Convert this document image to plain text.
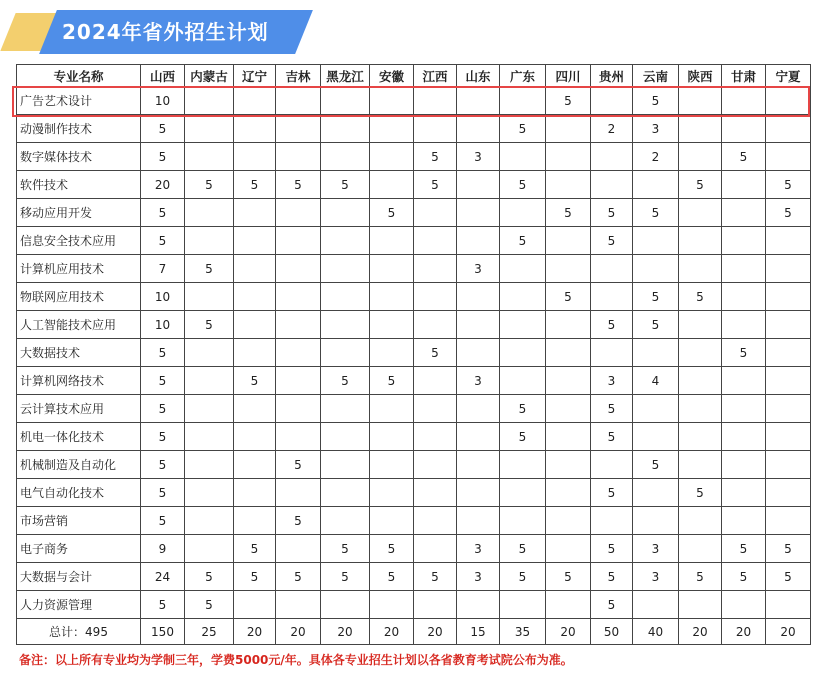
2024年省外招生计划
专业名称	山西	内蒙古	辽宁	吉林	黑龙江	安徽	江西	山东	广东	四川	贵州	云南	陕西	甘肃	宁夏
广告艺术设计	10									5		5			
动漫制作技术	5								5		2	3			
数字媒体技术	5						5	3				2		5	
软件技术	20	5	5	5	5		5		5				5		5
移动应用开发	5					5				5	5	5			5
信息安全技术应用	5								5		5				
计算机应用技术	7	5						3							
物联网应用技术	10									5		5	5		
人工智能技术应用	10	5									5	5			
大数据技术	5						5							5	
计算机网络技术	5		5		5	5		3			3	4			
云计算技术应用	5								5		5				
机电一体化技术	5								5		5				
机械制造及自动化	5			5								5			
电气自动化技术	5										5		5		
市场营销	5			5											
电子商务	9		5		5	5		3	5		5	3		5	5
大数据与会计	24	5	5	5	5	5	5	3	5	5	5	3	5	5	5
人力资源管理	5	5									5				
总计：495	150	25	20	20	20	20	20	15	35	20	50	40	20	20	20
备注：以上所有专业均为学制三年，学费5000元/年。具体各专业招生计划以各省教育考试院公布为准。
